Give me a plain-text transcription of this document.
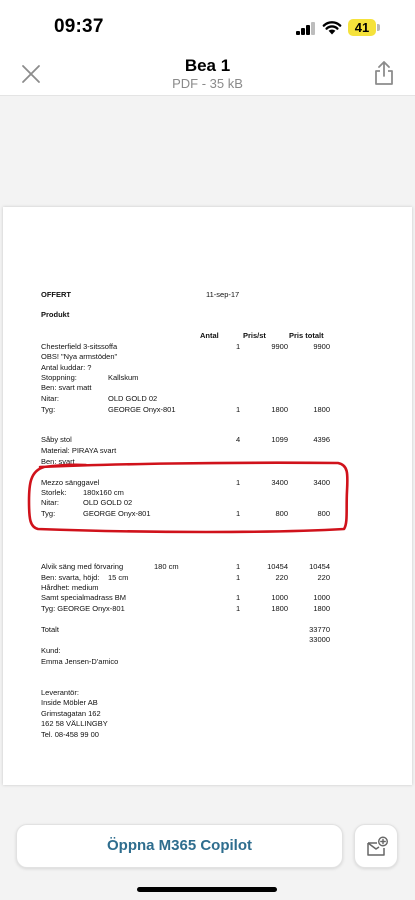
09:37	41
Bea 1
PDF - 35 kB
OFFERT	11-sep-17
Produkt
Antal	Pris/st	Pris totalt
Chesterfield 3-sitssoffa	1	9900	9900
OBS! "Nya armstöden"
Antal kuddar: ?
Stoppning:	Kallskum
Ben: svart matt
Nitar:	OLD GOLD 02
Tyg:	GEORGE Onyx-801	1	1800	1800
Såby stol	4	1099	4396
Material: PIRAYA svart
Ben: svart
Mezzo sänggavel	1	3400	3400
Storlek: 180x160 cm
Nitar:	OLD GOLD 02
Tyg:	GEORGE Onyx-801	1	800	800
Alvik säng med förvaring	180 cm	1	10454	10454
Ben: svarta, höjd: 15 cm	1	220	220
Hårdhet: medium
Samt specialmadrass BM	1	1000	1000
Tyg: GEORGE Onyx-801	1	1800	1800
Totalt	33770
33000
Kund:
Emma Jensen-D'amico
Leverantör:
Inside Möbler AB
Grimstagatan 162
162 58 VÄLLINGBY
Tel. 08-458 99 00
Öppna M365 Copilot
